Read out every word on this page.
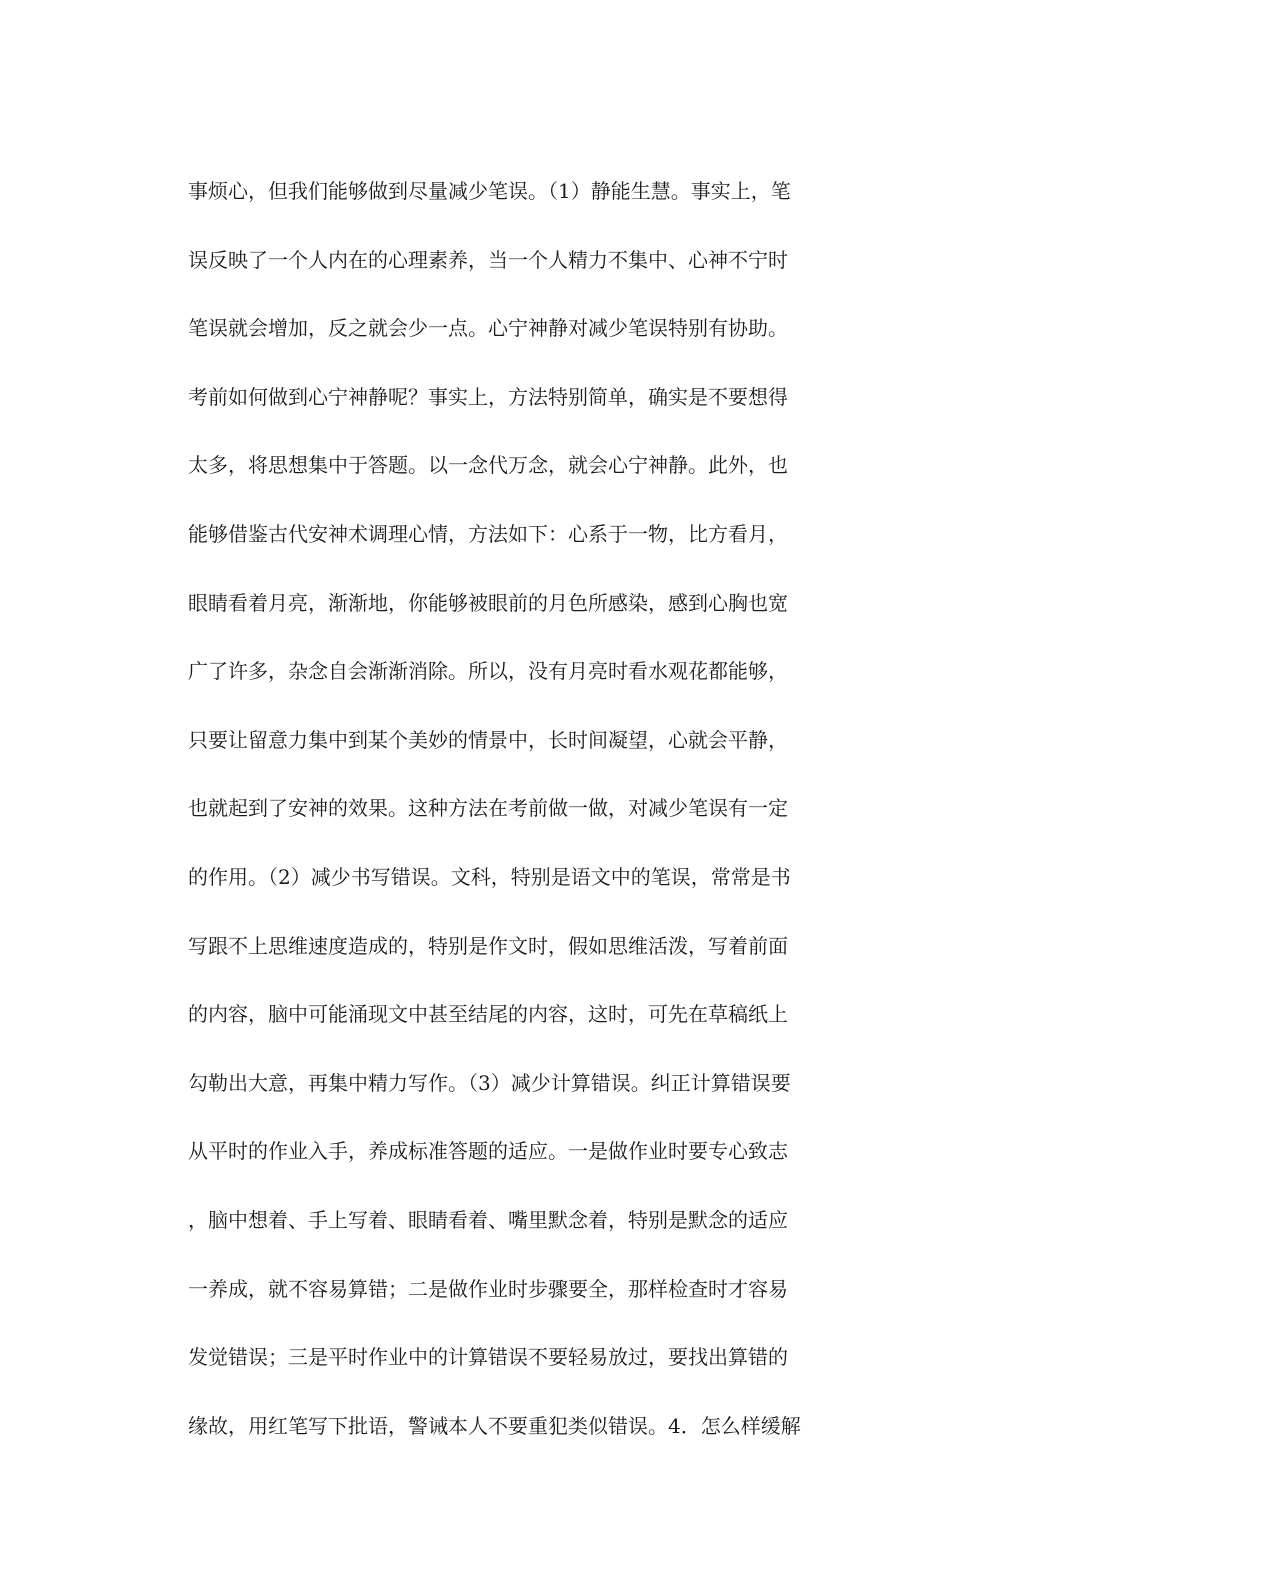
事烦心，但我们能够做到尽量减少笔误。（1）静能生慧。事实上，笔
误反映了一个人内在的心理素养，当一个人精力不集中、心神不宁时
笔误就会增加，反之就会少一点。心宁神静对减少笔误特别有协助。
考前如何做到心宁神静呢？事实上，方法特别简单，确实是不要想得
太多，将思想集中于答题。以一念代万念，就会心宁神静。此外，也
能够借鉴古代安神术调理心情，方法如下：心系于一物，比方看月，
眼睛看着月亮，渐渐地，你能够被眼前的月色所感染，感到心胸也宽
广了许多，杂念自会渐渐消除。所以，没有月亮时看水观花都能够，
只要让留意力集中到某个美妙的情景中，长时间凝望，心就会平静，
也就起到了安神的效果。这种方法在考前做一做，对减少笔误有一定
的作用。（2）减少书写错误。文科，特别是语文中的笔误，常常是书
写跟不上思维速度造成的，特别是作文时，假如思维活泼，写着前面
的内容，脑中可能涌现文中甚至结尾的内容，这时，可先在草稿纸上
勾勒出大意，再集中精力写作。（3）减少计算错误。纠正计算错误要
从平时的作业入手，养成标准答题的适应。一是做作业时要专心致志
，脑中想着、手上写着、眼睛看着、嘴里默念着，特别是默念的适应
一养成，就不容易算错；二是做作业时步骤要全，那样检查时才容易
发觉错误；三是平时作业中的计算错误不要轻易放过，要找出算错的
缘故，用红笔写下批语，警诫本人不要重犯类似错误。4．怎么样缓解
